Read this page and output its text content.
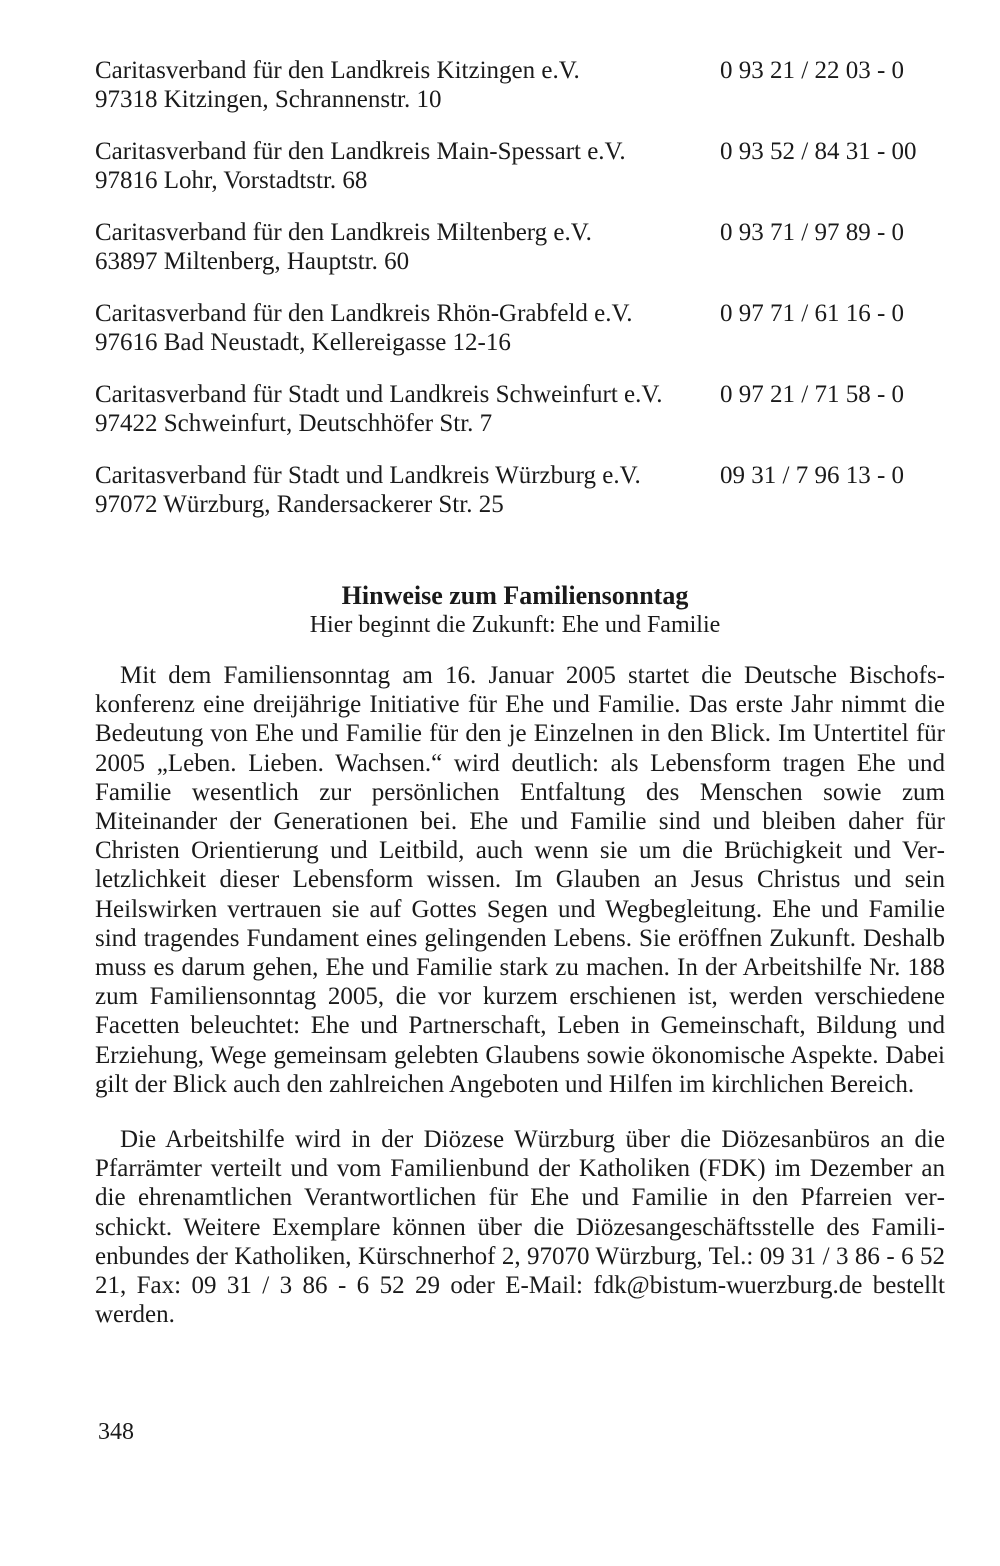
Caritasverband für den Landkreis Kitzingen e.V.
97318 Kitzingen, Schrannenstr. 10
0 93 21 / 22 03 - 0
Caritasverband für den Landkreis Main-Spessart e.V.
97816 Lohr, Vorstadtstr. 68
0 93 52 / 84 31 - 00
Caritasverband für den Landkreis Miltenberg e.V.
63897 Miltenberg, Hauptstr. 60
0 93 71 / 97 89 - 0
Caritasverband für den Landkreis Rhön-Grabfeld e.V.
97616 Bad Neustadt, Kellereigasse 12-16
0 97 71 / 61 16 - 0
Caritasverband für Stadt und Landkreis Schweinfurt e.V.
97422 Schweinfurt, Deutschhöfer Str. 7
0 97 21 / 71 58 - 0
Caritasverband für Stadt und Landkreis Würzburg e.V.
97072 Würzburg, Randersackerer Str. 25
09 31 / 7 96 13 - 0
Hinweise zum Familiensonntag
Hier beginnt die Zukunft: Ehe und Familie

Mit dem Familiensonntag am 16. Januar 2005 startet die Deutsche Bischofskonferenz eine dreijährige Initiative für Ehe und Familie. Das erste Jahr nimmt die Bedeutung von Ehe und Familie für den je Einzelnen in den Blick. Im Untertitel für 2005 „Leben. Lieben. Wachsen.“ wird deutlich: als Lebensform tragen Ehe und Familie wesentlich zur persönlichen Entfaltung des Menschen sowie zum Miteinander der Generationen bei. Ehe und Familie sind und bleiben daher für Christen Orientierung und Leitbild, auch wenn sie um die Brüchigkeit und Verletzlichkeit dieser Lebensform wissen. Im Glauben an Jesus Christus und sein Heilswirken vertrauen sie auf Gottes Segen und Wegbegleitung. Ehe und Familie sind tragendes Fundament eines gelingenden Lebens. Sie eröffnen Zukunft. Deshalb muss es darum gehen, Ehe und Familie stark zu machen. In der Arbeitshilfe Nr. 188 zum Familiensonntag 2005, die vor kurzem erschienen ist, werden verschiedene Facetten beleuchtet: Ehe und Partnerschaft, Leben in Gemeinschaft, Bildung und Erziehung, Wege gemeinsam gelebten Glaubens sowie ökonomische Aspekte. Dabei gilt der Blick auch den zahlreichen Angeboten und Hilfen im kirchlichen Bereich.

Die Arbeitshilfe wird in der Diözese Würzburg über die Diözesanbüros an die Pfarrämter verteilt und vom Familienbund der Katholiken (FDK) im Dezember an die ehrenamtlichen Verantwortlichen für Ehe und Familie in den Pfarreien verschickt. Weitere Exemplare können über die Diözesangeschäftsstelle des Familienbundes der Katholiken, Kürschnerhof 2, 97070 Würzburg, Tel.: 09 31 / 3 86 - 6 52 21, Fax: 09 31 / 3 86 - 6 52 29 oder E-Mail: fdk@bistum-wuerzburg.de bestellt werden.

348
